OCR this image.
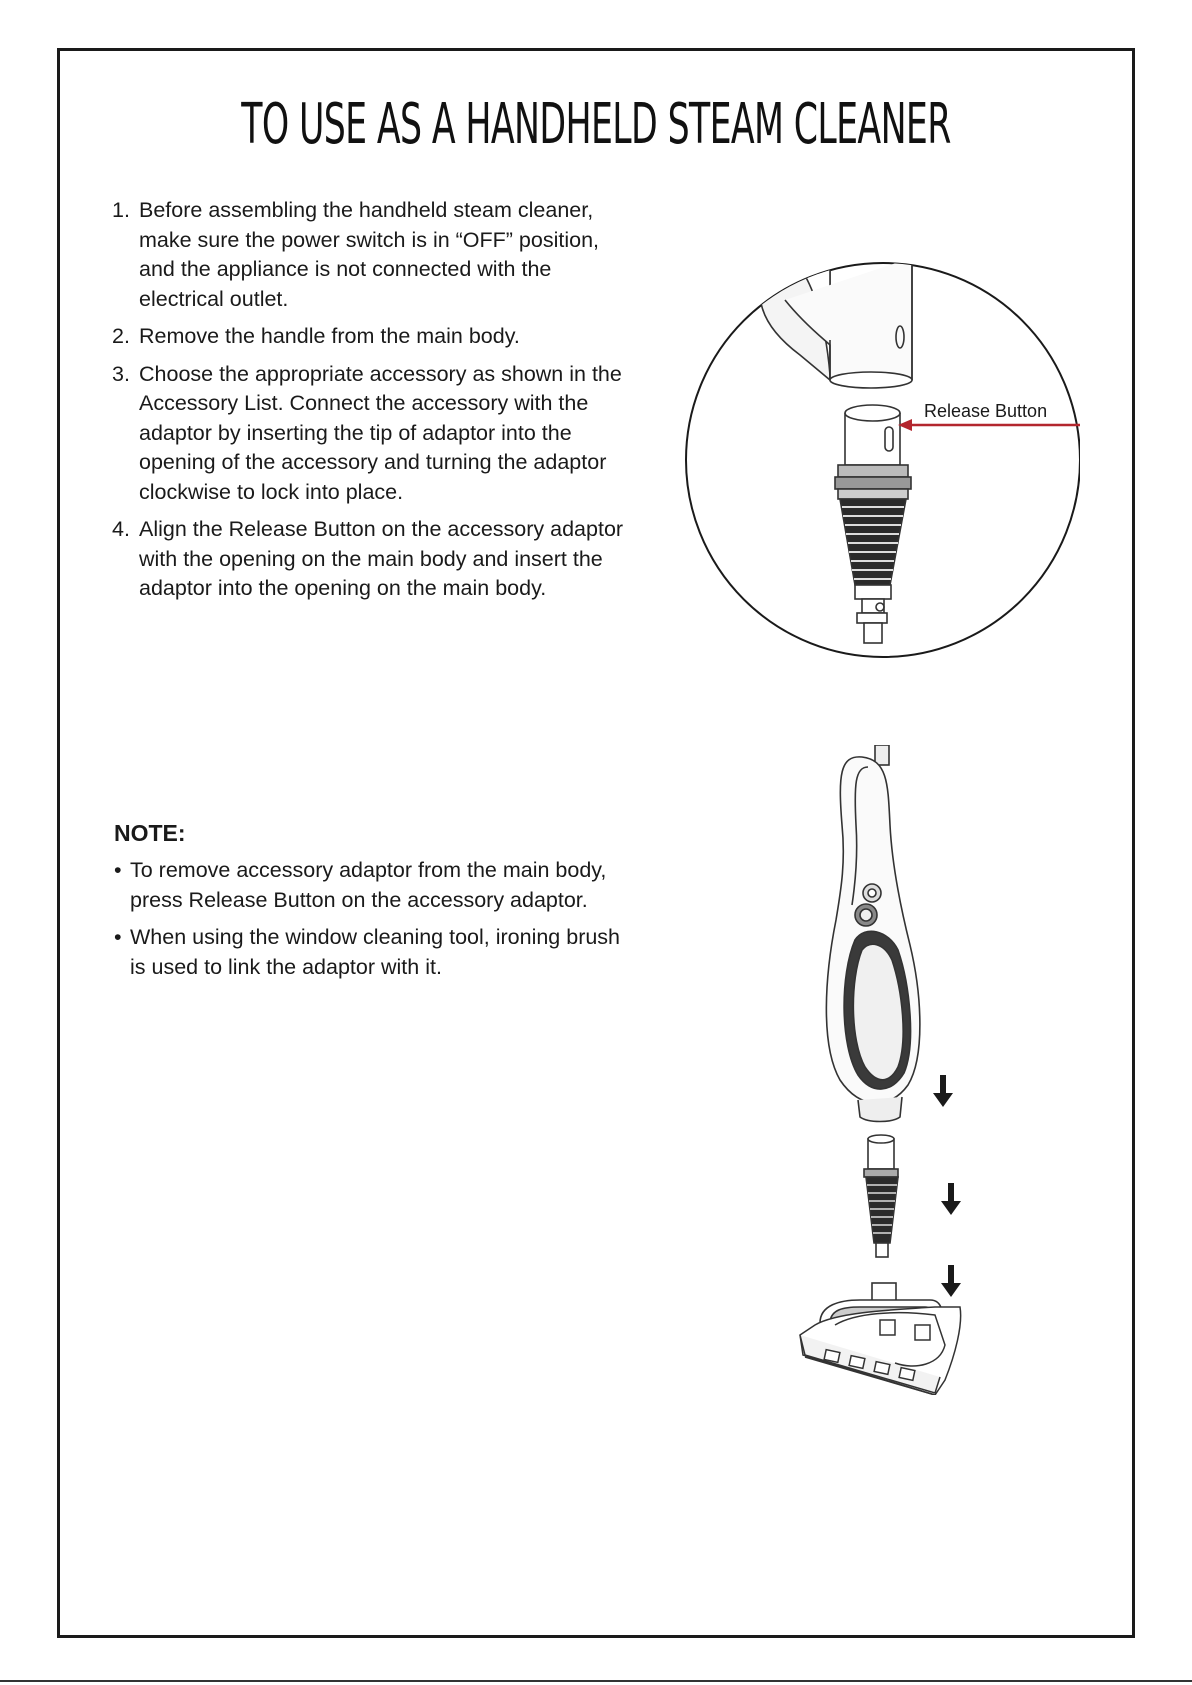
TO USE AS A HANDHELD STEAM CLEANER
1. Before assembling the handheld steam cleaner, make sure the power switch is in “OFF” position, and the appliance is not connected with the electrical outlet.
2. Remove the handle from the main body.
3. Choose the appropriate accessory as shown in the Accessory List. Connect the accessory with the adaptor by inserting the tip of adaptor into the opening of the accessory and turning the adaptor clockwise to lock into place.
4. Align the Release Button on the accessory adaptor with the opening on the main body and insert the adaptor into the opening on the main body.
NOTE:
• To remove accessory adaptor from the main body, press Release Button on the accessory adaptor.
• When using the window cleaning tool, ironing brush is used to link the adaptor with it.
Release Button
